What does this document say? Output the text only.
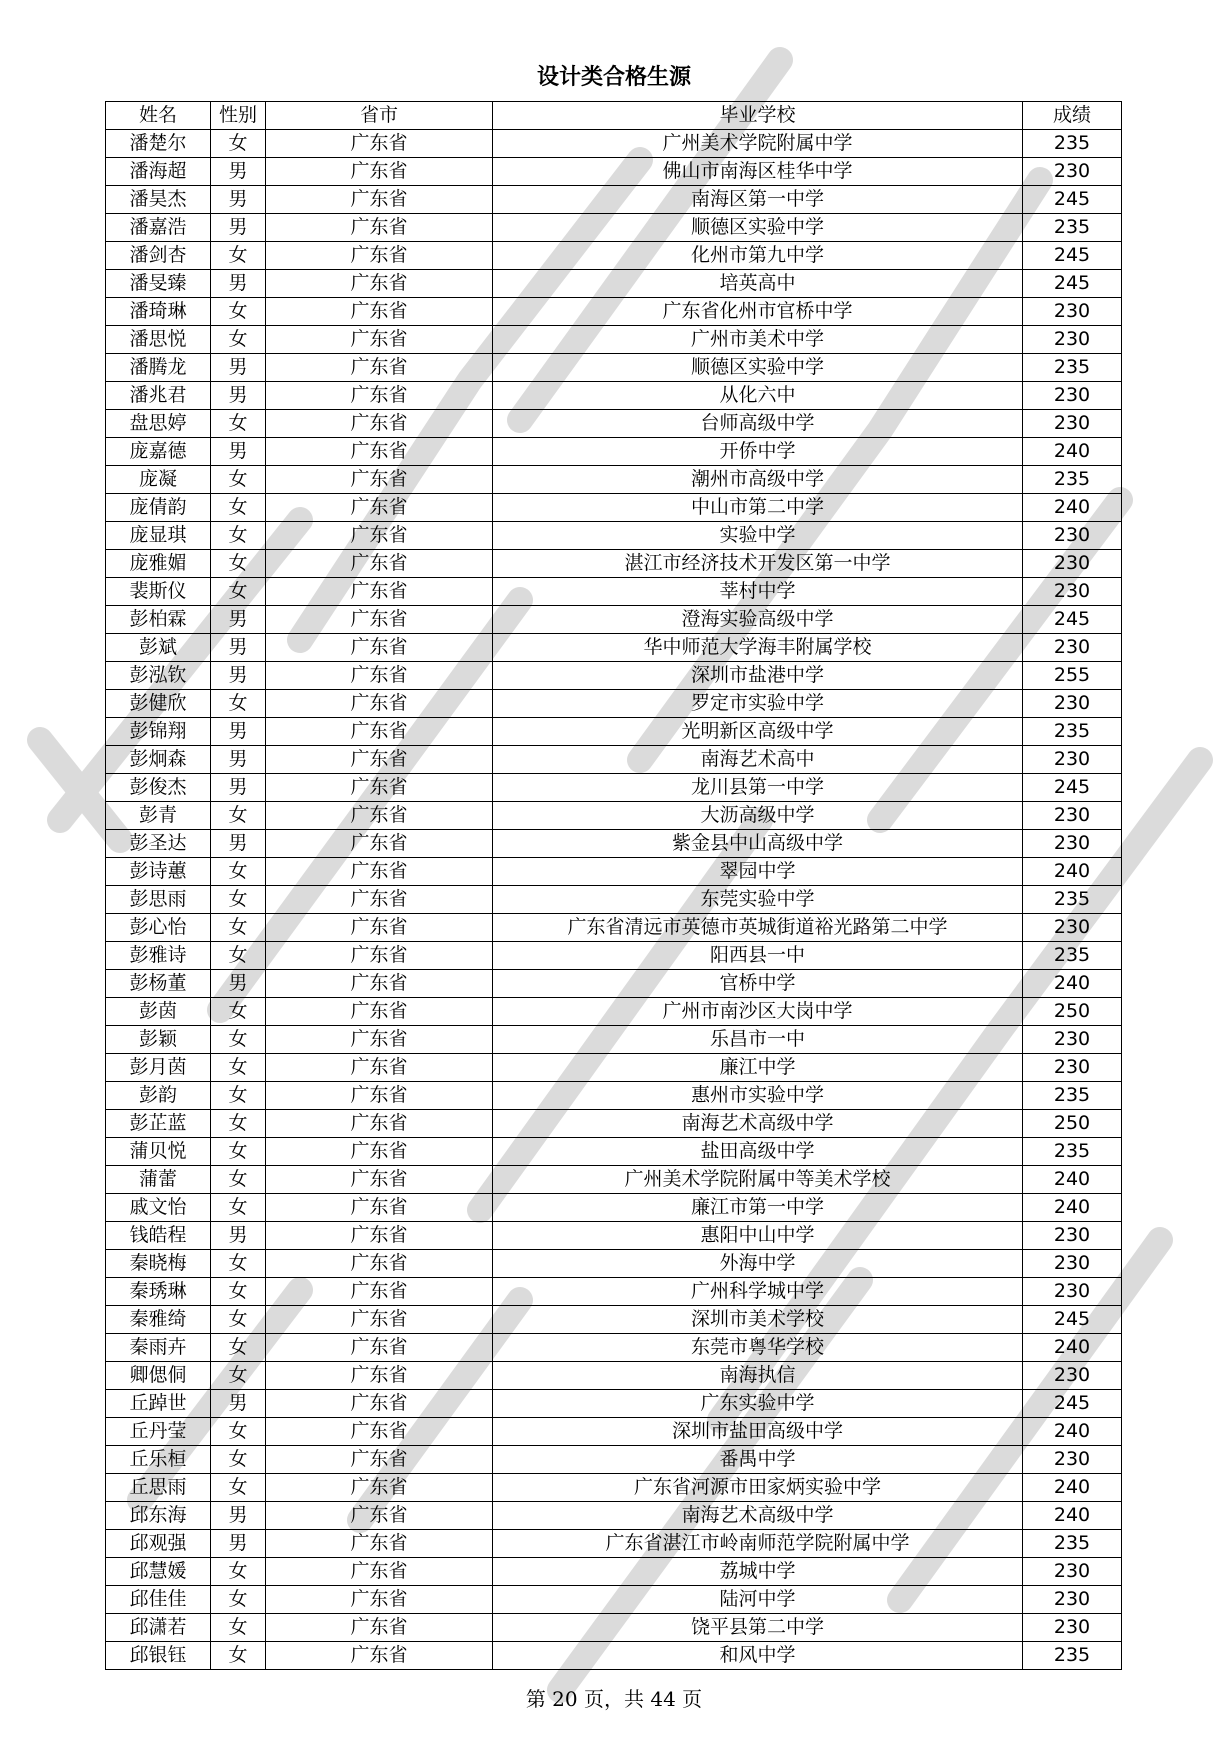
设计类合格生源
姓名	性别	省市	毕业学校	成绩
潘楚尔	女	广东省	广州美术学院附属中学	235
潘海超	男	广东省	佛山市南海区桂华中学	230
潘昊杰	男	广东省	南海区第一中学	245
潘嘉浩	男	广东省	顺德区实验中学	235
潘剑杏	女	广东省	化州市第九中学	245
潘旻臻	男	广东省	培英高中	245
潘琦琳	女	广东省	广东省化州市官桥中学	230
潘思悦	女	广东省	广州市美术中学	230
潘腾龙	男	广东省	顺德区实验中学	235
潘兆君	男	广东省	从化六中	230
盘思婷	女	广东省	台师高级中学	230
庞嘉德	男	广东省	开侨中学	240
庞凝	女	广东省	潮州市高级中学	235
庞倩韵	女	广东省	中山市第二中学	240
庞显琪	女	广东省	实验中学	230
庞雅媚	女	广东省	湛江市经济技术开发区第一中学	230
裴斯仪	女	广东省	莘村中学	230
彭柏霖	男	广东省	澄海实验高级中学	245
彭斌	男	广东省	华中师范大学海丰附属学校	230
彭泓钦	男	广东省	深圳市盐港中学	255
彭健欣	女	广东省	罗定市实验中学	230
彭锦翔	男	广东省	光明新区高级中学	235
彭炯森	男	广东省	南海艺术高中	230
彭俊杰	男	广东省	龙川县第一中学	245
彭青	女	广东省	大沥高级中学	230
彭圣达	男	广东省	紫金县中山高级中学	230
彭诗蕙	女	广东省	翠园中学	240
彭思雨	女	广东省	东莞实验中学	235
彭心怡	女	广东省	广东省清远市英德市英城街道裕光路第二中学	230
彭雅诗	女	广东省	阳西县一中	235
彭杨董	男	广东省	官桥中学	240
彭茵	女	广东省	广州市南沙区大岗中学	250
彭颖	女	广东省	乐昌市一中	230
彭月茵	女	广东省	廉江中学	230
彭韵	女	广东省	惠州市实验中学	235
彭芷蓝	女	广东省	南海艺术高级中学	250
蒲贝悦	女	广东省	盐田高级中学	235
蒲蕾	女	广东省	广州美术学院附属中等美术学校	240
戚文怡	女	广东省	廉江市第一中学	240
钱皓程	男	广东省	惠阳中山中学	230
秦晓梅	女	广东省	外海中学	230
秦琇琳	女	广东省	广州科学城中学	230
秦雅绮	女	广东省	深圳市美术学校	245
秦雨卉	女	广东省	东莞市粤华学校	240
卿偲侗	女	广东省	南海执信	230
丘踔世	男	广东省	广东实验中学	245
丘丹莹	女	广东省	深圳市盐田高级中学	240
丘乐桓	女	广东省	番禺中学	230
丘思雨	女	广东省	广东省河源市田家炳实验中学	240
邱东海	男	广东省	南海艺术高级中学	240
邱观强	男	广东省	广东省湛江市岭南师范学院附属中学	235
邱慧媛	女	广东省	荔城中学	230
邱佳佳	女	广东省	陆河中学	230
邱潇若	女	广东省	饶平县第二中学	230
邱银钰	女	广东省	和风中学	235
第 20 页，共 44 页
